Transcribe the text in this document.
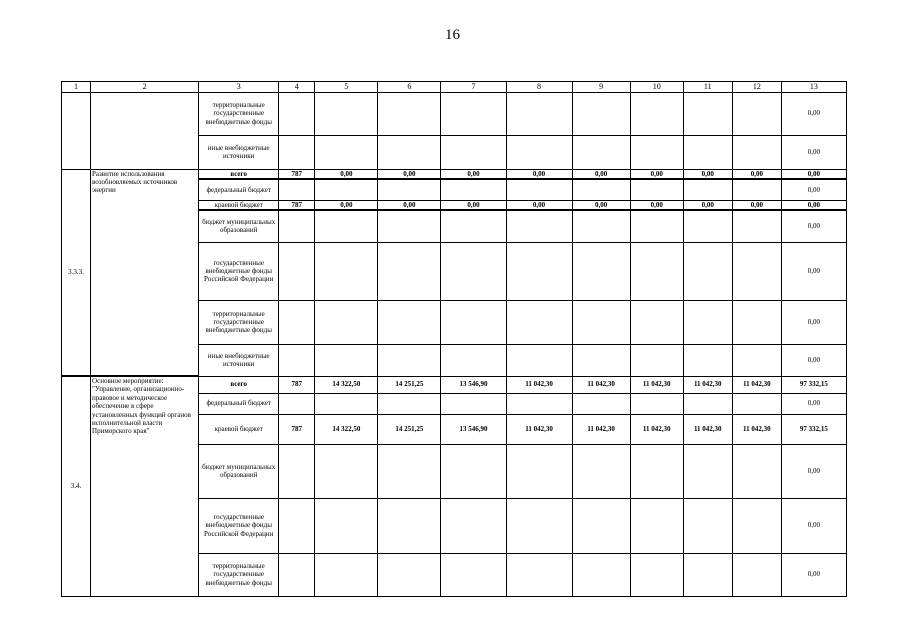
16
1	2	3	4	5	6	7	8	9	10	11	12	13
		территориальные государственные внебюджетные фонды										0,00
		иные внебюджетные источники										0,00
3.3.3.	Развитие использования возобновляемых источников энергии	всего	787	0,00	0,00	0,00	0,00	0,00	0,00	0,00	0,00	0,00
		федеральный бюджет										0,00
		краевой бюджет	787	0,00	0,00	0,00	0,00	0,00	0,00	0,00	0,00	0,00
		бюджет муниципальных образований										0,00
		государственные внебюджетные фонды Российской Федерации										0,00
		территориальные государственные внебюджетные фонды										0,00
		иные внебюджетные источники										0,00
3.4.	Основное мероприятие: "Управление, организационно-правовое и методическое обеспечение в сфере установленных функций органов исполнительной власти Приморского края"	всего	787	14 322,50	14 251,25	13 546,90	11 042,30	11 042,30	11 042,30	11 042,30	11 042,30	97 332,15
		федеральный бюджет										0,00
		краевой бюджет	787	14 322,50	14 251,25	13 546,90	11 042,30	11 042,30	11 042,30	11 042,30	11 042,30	97 332,15
		бюджет муниципальных образований										0,00
		государственные внебюджетные фонды Российской Федерации										0,00
		территориальные государственные внебюджетные фонды										0,00
